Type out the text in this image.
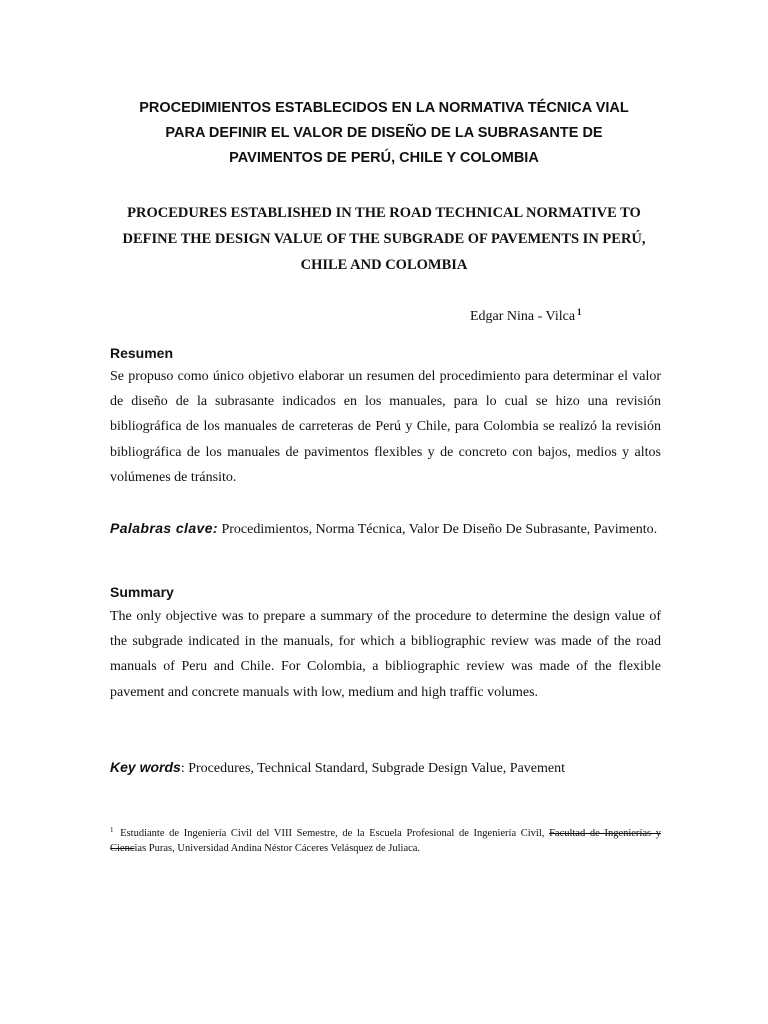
PROCEDIMIENTOS ESTABLECIDOS EN LA NORMATIVA TÉCNICA VIAL
PARA DEFINIR EL VALOR DE DISEÑO DE LA SUBRASANTE DE
PAVIMENTOS DE PERÚ, CHILE Y COLOMBIA
PROCEDURES ESTABLISHED IN THE ROAD TECHNICAL NORMATIVE TO
DEFINE THE DESIGN VALUE OF THE SUBGRADE OF PAVEMENTS IN PERÚ,
CHILE AND COLOMBIA
Edgar Nina - Vilca $^1$
Resumen

Se propuso como único objetivo elaborar un resumen del procedimiento para determinar el valor de diseño de la subrasante indicados en los manuales, para lo cual se hizo una revisión bibliográfica de los manuales de carreteras de Perú y Chile, para Colombia se realizó la revisión bibliográfica de los manuales de pavimentos flexibles y de concreto con bajos, medios y altos volúmenes de tránsito.

Palabras clave: Procedimientos, Norma Técnica, Valor De Diseño De Subrasante, Pavimento.

Summary

The only objective was to prepare a summary of the procedure to determine the design value of the subgrade indicated in the manuals, for which a bibliographic review was made of the road manuals of Peru and Chile. For Colombia, a bibliographic review was made of the flexible pavement and concrete manuals with low, medium and high traffic volumes.

Key words: Procedures, Technical Standard, Subgrade Design Value, Pavement

$^1$ Estudiante de Ingeniería Civil del VIII Semestre, de la Escuela Profesional de Ingeniería Civil, Facultad de Ingenierías y Ciencias Puras, Universidad Andina Néstor Cáceres Velásquez de Juliaca.
